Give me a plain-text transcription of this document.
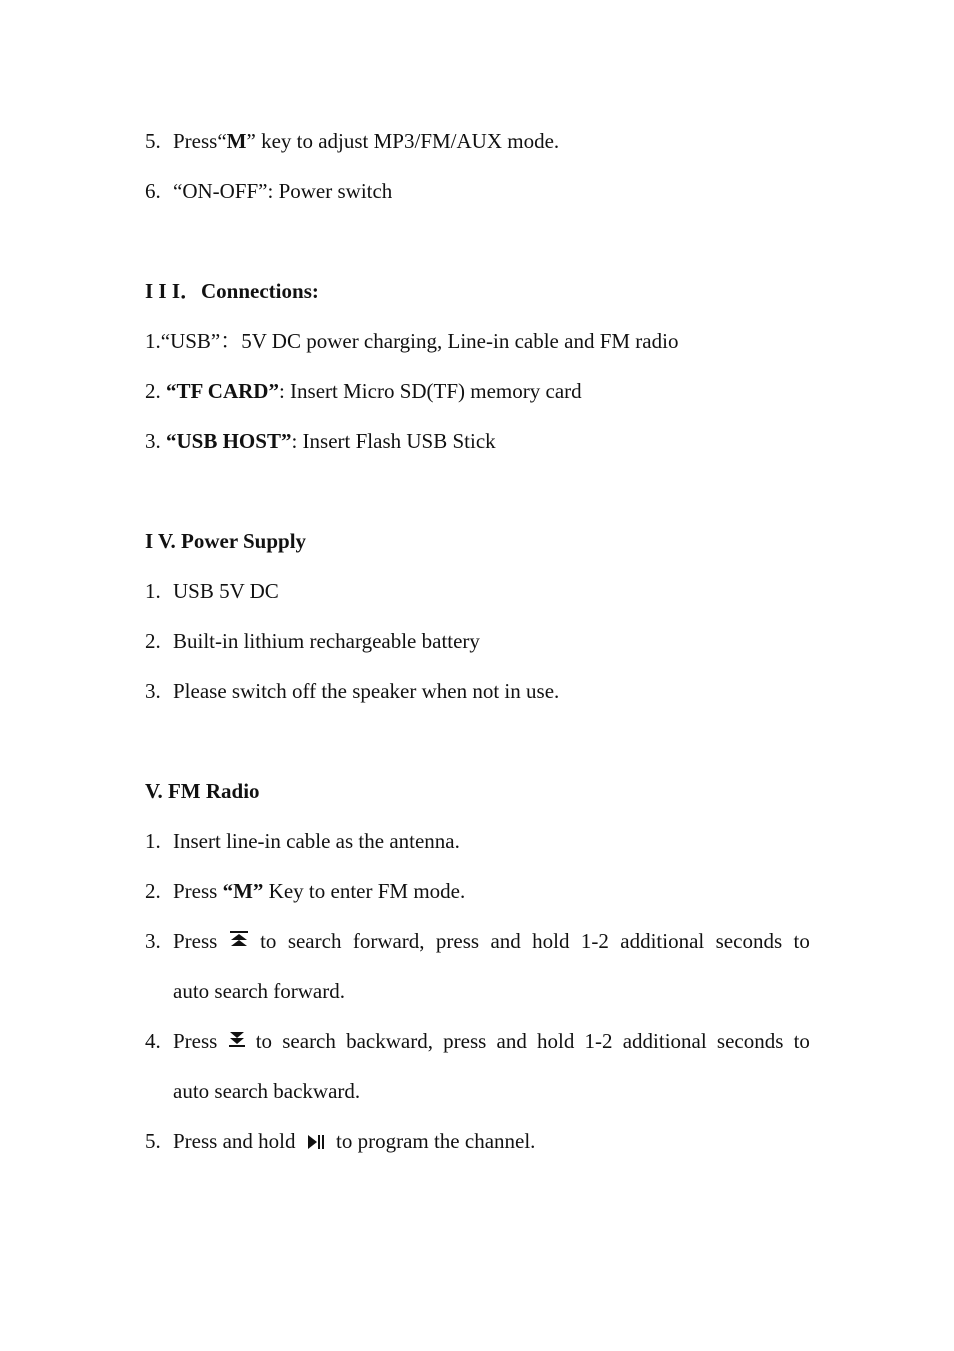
5. Press“M” key to adjust MP3/FM/AUX mode.
6. “ON-OFF”: Power switch
I I I．Connections:
1.“USB”：5V DC power charging, Line-in cable and FM radio
2. “TF CARD”: Insert Micro SD(TF) memory card
3. “USB HOST”: Insert Flash USB Stick
I V. Power Supply
1. USB 5V DC
2. Built-in lithium rechargeable battery
3. Please switch off the speaker when not in use.
V. FM Radio
1. Insert line-in cable as the antenna.
2. Press “M” Key to enter FM mode.
3. Press to search forward, press and hold 1-2 additional seconds to
auto search forward.
4. Press to search backward, press and hold 1-2 additional seconds to
auto search backward.
5. Press and hold to program the channel.
